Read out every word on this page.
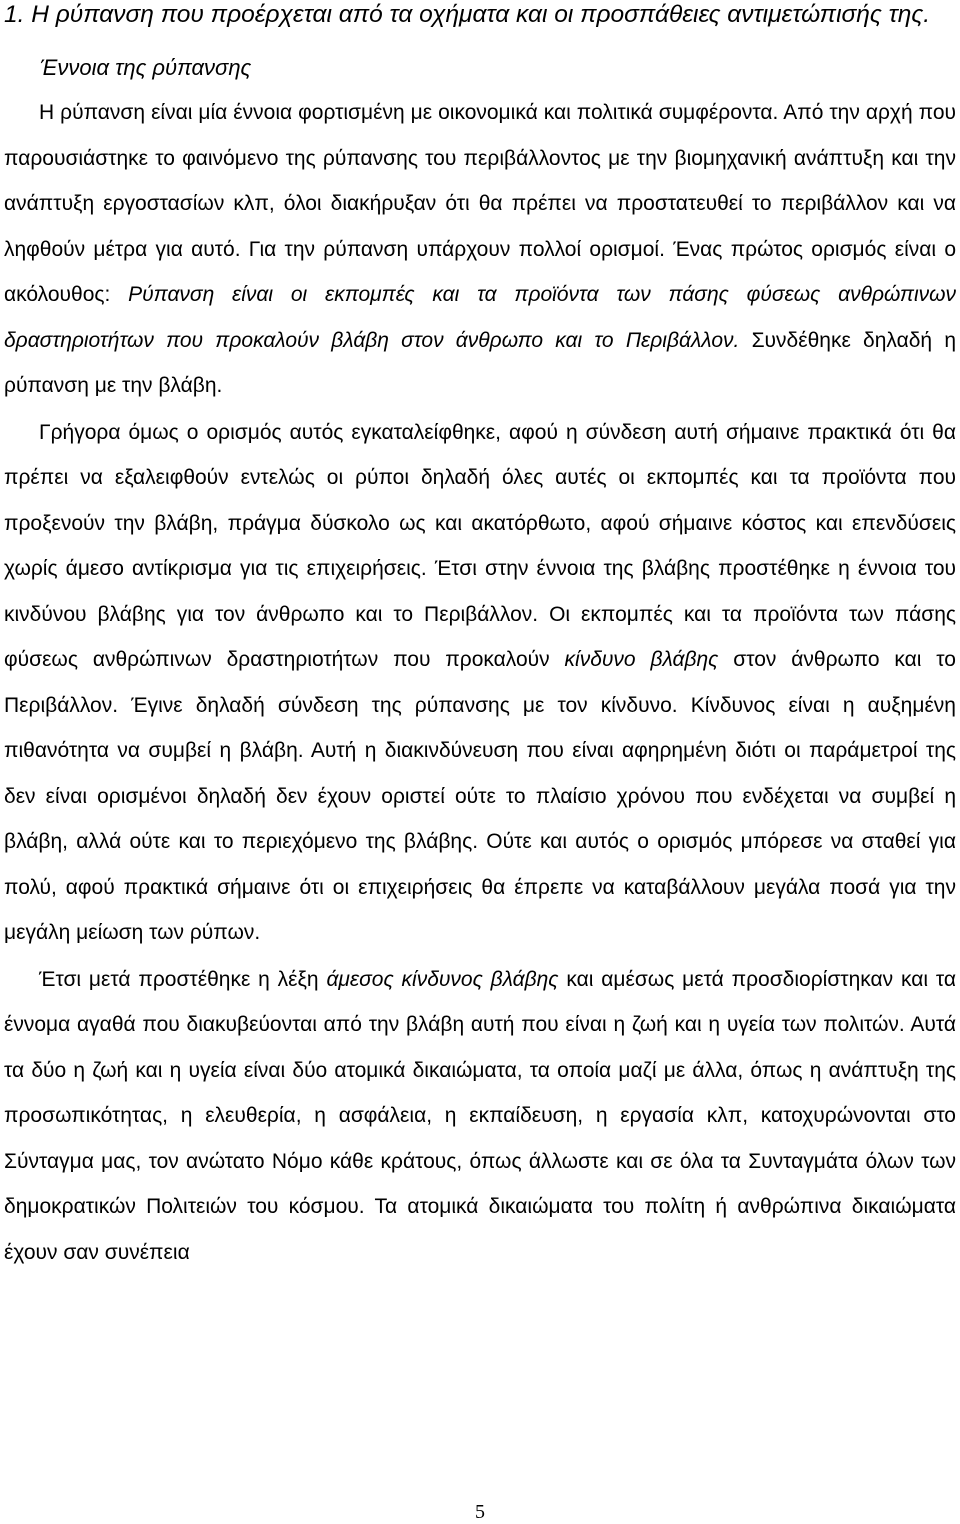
1. Η ρύπανση που προέρχεται από τα οχήματα και οι προσπάθειες αντιμετώπισής της.
Έννοια της ρύπανσης

Η ρύπανση είναι μία έννοια φορτισμένη με οικονομικά και πολιτικά συμφέροντα. Από την αρχή που παρουσιάστηκε το φαινόμενο της ρύπανσης του περιβάλλοντος με την βιομηχανική ανάπτυξη και την ανάπτυξη εργοστασίων κλπ, όλοι διακήρυξαν ότι θα πρέπει να προστατευθεί το περιβάλλον και να ληφθούν μέτρα για αυτό. Για την ρύπανση υπάρχουν πολλοί ορισμοί. Ένας πρώτος ορισμός είναι ο ακόλουθος: Ρύπανση είναι οι εκπομπές και τα προϊόντα των πάσης φύσεως ανθρώπινων δραστηριοτήτων που προκαλούν βλάβη στον άνθρωπο και το Περιβάλλον. Συνδέθηκε δηλαδή η ρύπανση με την βλάβη.

Γρήγορα όμως ο ορισμός αυτός εγκαταλείφθηκε, αφού η σύνδεση αυτή σήμαινε πρακτικά ότι θα πρέπει να εξαλειφθούν εντελώς οι ρύποι δηλαδή όλες αυτές οι εκπομπές και τα προϊόντα που προξενούν την βλάβη, πράγμα δύσκολο ως και ακατόρθωτο, αφού σήμαινε κόστος και επενδύσεις χωρίς άμεσο αντίκρισμα για τις επιχειρήσεις. Έτσι στην έννοια της βλάβης προστέθηκε η έννοια του κινδύνου βλάβης για τον άνθρωπο και το Περιβάλλον. Οι εκπομπές και τα προϊόντα των πάσης φύσεως ανθρώπινων δραστηριοτήτων που προκαλούν κίνδυνο βλάβης στον άνθρωπο και το Περιβάλλον. Έγινε δηλαδή σύνδεση της ρύπανσης με τον κίνδυνο. Κίνδυνος είναι η αυξημένη πιθανότητα να συμβεί η βλάβη. Αυτή η διακινδύνευση που είναι αφηρημένη διότι οι παράμετροί της δεν είναι ορισμένοι δηλαδή δεν έχουν οριστεί ούτε το πλαίσιο χρόνου που ενδέχεται να συμβεί η βλάβη, αλλά ούτε και το περιεχόμενο της βλάβης. Ούτε και αυτός ο ορισμός μπόρεσε να σταθεί για πολύ, αφού πρακτικά σήμαινε ότι οι επιχειρήσεις θα έπρεπε να καταβάλλουν μεγάλα ποσά για την μεγάλη μείωση των ρύπων.

Έτσι μετά προστέθηκε η λέξη άμεσος κίνδυνος βλάβης και αμέσως μετά προσδιορίστηκαν και τα έννομα αγαθά που διακυβεύονται από την βλάβη αυτή που είναι η ζωή και η υγεία των πολιτών. Αυτά τα δύο η ζωή και η υγεία είναι δύο ατομικά δικαιώματα, τα οποία μαζί με άλλα, όπως η ανάπτυξη της προσωπικότητας, η ελευθερία, η ασφάλεια, η εκπαίδευση, η εργασία κλπ, κατοχυρώνονται στο Σύνταγμα μας, τον ανώτατο Νόμο κάθε κράτους, όπως άλλωστε και σε όλα τα Συνταγμάτα όλων των δημοκρατικών Πολιτειών του κόσμου. Τα ατομικά δικαιώματα του πολίτη ή ανθρώπινα δικαιώματα έχουν σαν συνέπεια

5
